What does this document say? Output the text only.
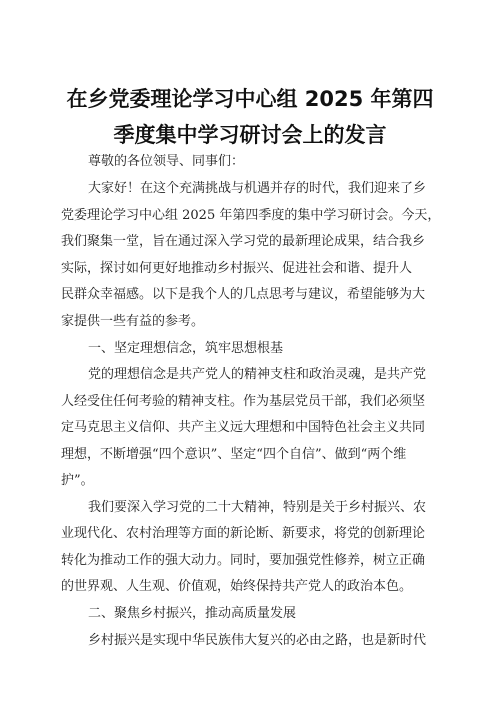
在乡党委理论学习中心组 2025 年第四
季度集中学习研讨会上的发言
尊敬的各位领导、同事们：
大家好！在这个充满挑战与机遇并存的时代，我们迎来了乡
党委理论学习中心组 2025 年第四季度的集中学习研讨会。今天，
我们聚集一堂，旨在通过深入学习党的最新理论成果，结合我乡
实际，探讨如何更好地推动乡村振兴、促进社会和谐、提升人
民群众幸福感。以下是我个人的几点思考与建议，希望能够为大
家提供一些有益的参考。
一、坚定理想信念，筑牢思想根基
党的理想信念是共产党人的精神支柱和政治灵魂，是共产党
人经受住任何考验的精神支柱。作为基层党员干部，我们必须坚
定马克思主义信仰、共产主义远大理想和中国特色社会主义共同
理想，不断增强“四个意识”、坚定“四个自信”、做到“两个维
护”。
我们要深入学习党的二十大精神，特别是关于乡村振兴、农
业现代化、农村治理等方面的新论断、新要求，将党的创新理论
转化为推动工作的强大动力。同时，要加强党性修养，树立正确
的世界观、人生观、价值观，始终保持共产党人的政治本色。
二、聚焦乡村振兴，推动高质量发展
乡村振兴是实现中华民族伟大复兴的必由之路，也是新时代
